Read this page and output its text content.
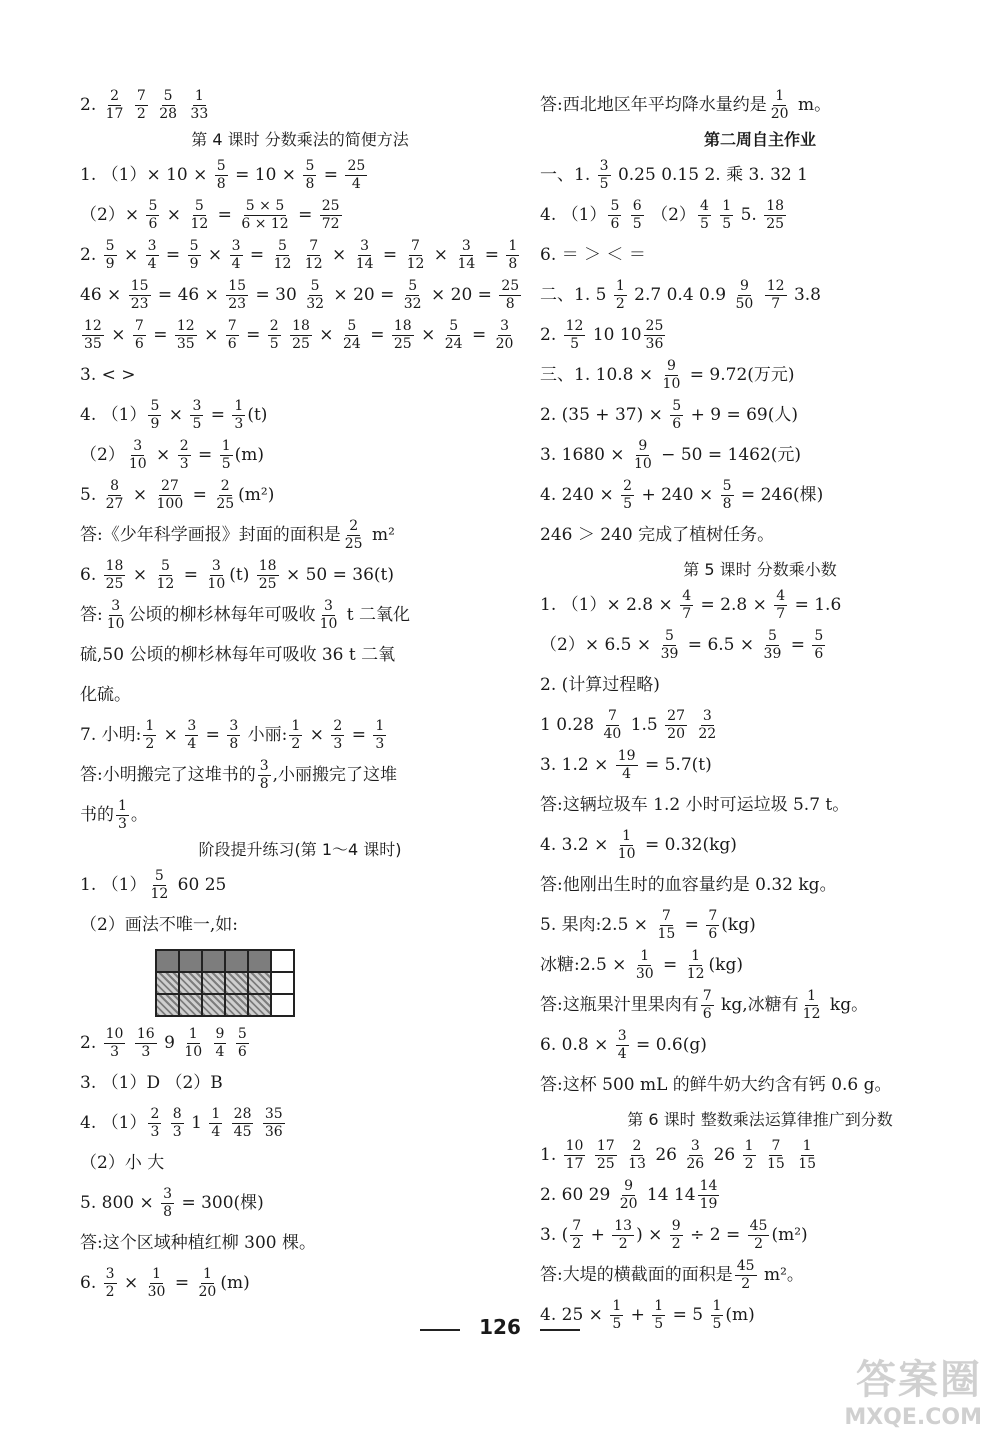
2. $\frac{2}{17}$
$\frac{7}{2}$
$\frac{5}{28}$
$\frac{1}{33}$
第 4 课时 分数乘法的简便方法
1. $(1)\times 10 \times \frac{5}{8} = 10 \times \frac{5}{8} = \frac{25}{4}$
$(2)\times \frac{5}{6} \times \frac{5}{12} = \frac{5 \times 5}{6 \times 12} = \frac{25}{72}$
2. $\frac{5}{9} \times \frac{3}{4} = \frac{5}{9} \times \frac{3}{4} = \frac{5}{12}$
$\frac{7}{12} \times \frac{3}{14} = \frac{7}{12} \times \frac{3}{14} = \frac{1}{8}$
$46 \times \frac{15}{23} = 46 \times \frac{15}{23} = 30 \frac{5}{32} \times 20 = \frac{5}{32} \times 20 = \frac{25}{8}$
$\frac{12}{35} \times \frac{7}{6} = \frac{12}{35} \times \frac{7}{6} = \frac{2}{5}$
$\frac{18}{25} \times \frac{5}{24} = \frac{18}{25} \times \frac{5}{24} = \frac{3}{20}$
3. < >
4. $(1) \frac{5}{9} \times \frac{3}{5} = \frac{1}{3} (t)$
$(2) \frac{3}{10} \times \frac{2}{3} = \frac{1}{5} (m)$
5. $\frac{8}{27} \times \frac{27}{100} = \frac{2}{25} (m^2)$
答:《少年科学画报》封面的面积是 $\frac{2}{25} m^2$
6. $\frac{18}{25} \times \frac{5}{12} = \frac{3}{10} (t) \frac{18}{25} \times 50 = 36(t)$
答: $\frac{3}{10}$ 公顷的柳杉林每年可吸收 $\frac{3}{10}$ t 二氧化
硫,50 公顷的柳杉林每年可吸收 36 t 二氧
化硫。
7. 小明: $\frac{1}{2} \times \frac{3}{4} = \frac{3}{8}$ 小丽: $\frac{1}{2} \times \frac{2}{3} = \frac{1}{3}$
答:小明搬完了这堆书的 $\frac{3}{8}$ ,小丽搬完了这堆
书的 $\frac{1}{3}$ 。
阶段提升练习(第 1～4 课时)
1. $(1) \frac{5}{12} 60$ 25
（2）画法不唯一,如:
2. $\frac{10}{3}$
$\frac{16}{3} 9 \frac{1}{10}$
$\frac{9}{4}$
$\frac{5}{6}$
3. （1）D （2）B
4. $(1) \frac{2}{3}$
$\frac{8}{3} 1 \frac{1}{4}$
$\frac{28}{45}$
$\frac{35}{36}$
（2）小 大
5. $800 \times \frac{3}{8} = 300$(棵)
答:这个区域种植红柳 300 棵。
6. $\frac{3}{2} \times \frac{1}{30} = \frac{1}{20} (m)$
答:西北地区年平均降水量约是 $\frac{1}{20}$ m。
第二周自主作业
一、1. $\frac{3}{5} 0.25$ 0.15 2. 乘 3. 32 1
4. $(1) \frac{5}{6}$
$\frac{6}{5} (2) \frac{4}{5}$
$\frac{1}{5} 5$. $\frac{18}{25}$
6. ＝ ＞ ＜ ＝
二、1. $5 \frac{1}{2} 2.7$ 0.4 $0.9 \frac{9}{50}$
$\frac{12}{7} 3.8$
2. $\frac{12}{5} 10$ $10 \frac{25}{36}$
三、1. $10.8 \times \frac{9}{10} = 9.72$(万元)
2. $(35 + 37) \times \frac{5}{6} + 9 = 69$(人)
3. $1680 \times \frac{9}{10} - 50 = 1462$(元)
4. $240 \times \frac{2}{5} + 240 \times \frac{5}{8} = 246$(棵)
246 ＞ 240 完成了植树任务。
第 5 课时 分数乘小数
1. $(1)\times 2.8 \times \frac{4}{7} = 2.8 \times \frac{4}{7} = 1.6$
$(2)\times 6.5 \times \frac{5}{39} = 6.5 \times \frac{5}{39} = \frac{5}{6}$
2. (计算过程略)
1 $0.28 \frac{7}{40} 1.5 \frac{27}{20}$
$\frac{3}{22}$
3. $1.2 \times \frac{19}{4} = 5.7(t)$
答:这辆垃圾车 1.2 小时可运垃圾 5.7 t。
4. $3.2 \times \frac{1}{10} = 0.32(kg)$
答:他刚出生时的血容量约是 0.32 kg。
5. 果肉:2.5 × $\frac{7}{15} = \frac{7}{6} (kg)$
冰糖:2.5 × $\frac{1}{30} = \frac{1}{12} (kg)$
答:这瓶果汁里果肉有 $\frac{7}{6}$ kg,冰糖有 $\frac{1}{12}$ kg。
6. $0.8 \times \frac{3}{4} = 0.6(g)$
答:这杯 500 mL 的鲜牛奶大约含有钙 0.6 g。
第 6 课时 整数乘法运算律推广到分数
1. $\frac{10}{17}$
$\frac{17}{25}$
$\frac{2}{13} 26 \frac{3}{26} 26 \frac{1}{2}$
$\frac{7}{15}$
$\frac{1}{15}$
2. 60 $29 \frac{9}{20} 14$ $14 \frac{14}{19}$
3. ( $\frac{7}{2} + \frac{13}{2}$ ) × $\frac{9}{2} \div 2 = \frac{45}{2} (m^2)$
答:大堤的横截面的面积是 $\frac{45}{2} m^2$。
4. $25 \times \frac{1}{5} + \frac{1}{5} = 5 \frac{1}{5} (m)$
126
答案圈
MXQE.COM
